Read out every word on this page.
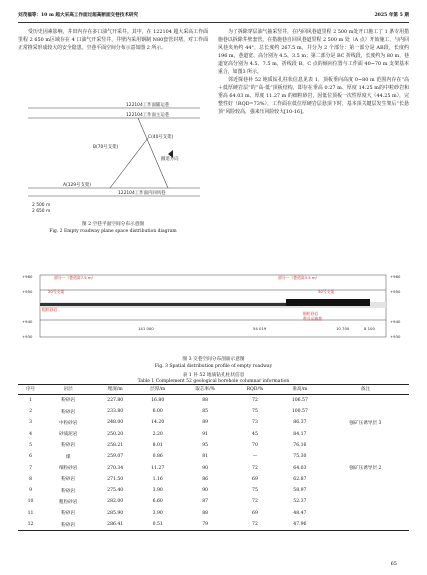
刘茂福等：10 m 超大采高工作面过超高断面交巷技术研究	2025 年第 5 期

受历史因素影响，井田内存在多口油气开采井。其中，在 122104 超大采高工作面里程 2 650 m区域存在 4 口油气开采竖井，井壁内采用钢制 N80套管封堵，对工作面正常推采形成较大的安全隐患。空巷平面空间分布示意如图 2 所示。

为了拆除穿层油气抽采竖井，在内回风巷道里程 2 500 m处开口施工了 1 条专用措施巷以拆除井壁套管。在措施巷自回风巷道里程 2 500 m 处（A 点）开始施工，与内回风巷夹角约 44°，总长度约 267.5 m，并分为 2 个部分：第一部分是 AB段，长度约 196 m，巷道宽、高分别为 4.5、3.5 m；第二部分是 BC 折线段，长度约为 80 m，巷道宽高分别为 4.5、7.5 m，折线段 B、C 点的倾向位置与工作面 40~70 m 支架基本重合，如图3 所示。

邻近探巷补 52 地质钻孔柱状信息见表 1，顶板垂向高度 0~80 m 范围内存在“高＋低厚硬岩层”的“高-低”顶板结构，即存在垂高 0.27 m、厚度 14.25 m的中粒砂岩和垂高 64.03 m、厚度 11.27 m 的细粒砂岩，因低位顶板一次性厚度大（44.25 m），完整性好（RQD=73%），工作面在低位厚硬岩层悬顶下时，基本顶关键层发生架后“长悬顶”风险较高，强来压风险较大[10-16]。

122104工作面辅运巷
122104工作面主运巷
122104工作面内回风巷
C(40号支架)
B(70号支架)
A(129号支架)
撤退方向
2 500 m
2 650 m
图 2 空巷平面空间分布示意图
Fig. 2 Empty roadway plane space distribution diagram
部分一（巷道高7.5 m）	部分一（巷道高3.5 m）
20号支架	30号支架
粗粒砂岩
细粒砂岩
带式运输巷
+960
+950
+940
+930
+960
+950
+940
+930
141 000	54 019	10 700	8 100
图 3 交巷空间分布剖面示意图
Fig. 3 Spatial distribution profile of empty roadway
表 1 补 52 地质钻孔柱状信息
Table 1 Complement 52 geological borehole columnar information
序号	岩层	埋深/m	层厚/m	取芯率/%	RQD/%	垂高/m	备注
1	粉砂岩	227.80	16.80	88	72	106.57	
2	粉砂岩	233.80	6.00	85	75	100.57	
3	中粒砂岩	248.00	14.20	89	73	86.37	强矿压诱导层 3
4	砂质泥岩	250.20	2.20	91	45	84.17	
5	粉砂岩	258.21	8.01	95	70	76.16	
6	煤	259.07	0.86	81	—	75.30	
7	细粒砂岩	270.34	11.27	90	72	64.03	强矿压诱导层 2
8	粉砂岩	271.50	1.16	86	69	62.87	
9	粉砂岩	275.40	3.90	90	75	58.97	
10	粗粒砂岩	282.00	6.60	87	72	52.37	
11	粉砂岩	285.90	3.90	88	69	48.47	
12	粉砂岩	286.41	0.51	79	72	47.96	
65
